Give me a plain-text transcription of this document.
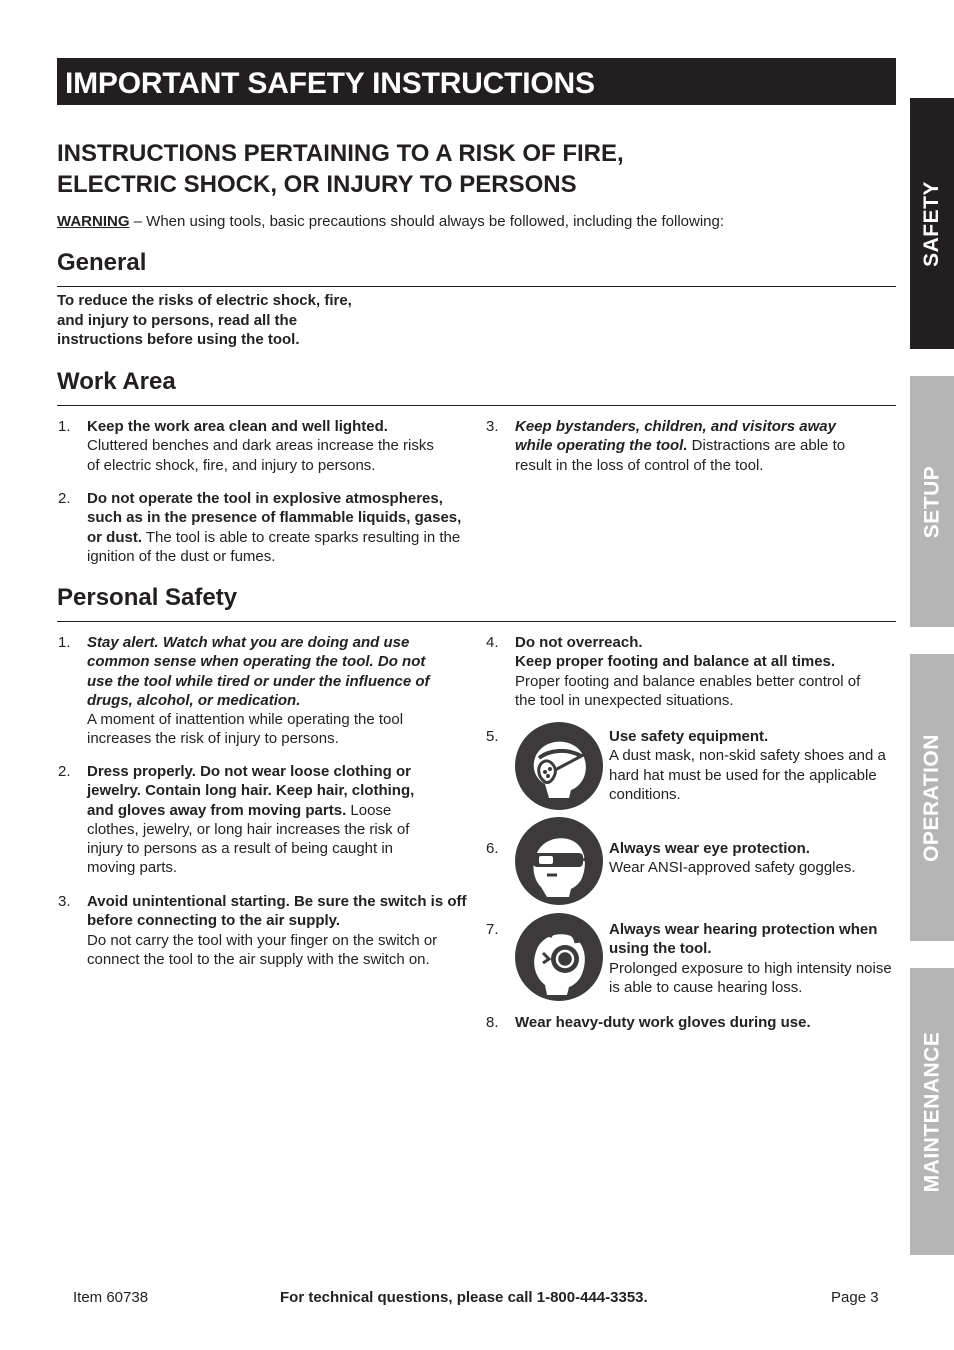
IMPORTANT SAFETY INSTRUCTIONS
INSTRUCTIONS PERTAINING TO A RISK OF FIRE,
ELECTRIC SHOCK, OR INJURY TO PERSONS
WARNING – When using tools, basic precautions should always be followed, including the following:
General
To reduce the risks of electric shock, fire, and injury to persons, read all the instructions before using the tool.
Work Area
1. Keep the work area clean and well lighted.
Cluttered benches and dark areas increase the risks of electric shock, fire, and injury to persons.
2. Do not operate the tool in explosive atmospheres, such as in the presence of flammable liquids, gases, or dust. The tool is able to create sparks resulting in the ignition of the dust or fumes.
3. Keep bystanders, children, and visitors away while operating the tool. Distractions are able to result in the loss of control of the tool.
Personal Safety
1. Stay alert. Watch what you are doing and use common sense when operating the tool. Do not use the tool while tired or under the influence of drugs, alcohol, or medication.
A moment of inattention while operating the tool increases the risk of injury to persons.
2. Dress properly. Do not wear loose clothing or jewelry. Contain long hair. Keep hair, clothing, and gloves away from moving parts. Loose clothes, jewelry, or long hair increases the risk of injury to persons as a result of being caught in moving parts.
3. Avoid unintentional starting. Be sure the switch is off before connecting to the air supply.
Do not carry the tool with your finger on the switch or connect the tool to the air supply with the switch on.
4. Do not overreach.
Keep proper footing and balance at all times.
Proper footing and balance enables better control of the tool in unexpected situations.
5.	Use safety equipment.
A dust mask, non-skid safety shoes and a hard hat must be used for the applicable conditions.
6.	Always wear eye protection.
Wear ANSI-approved safety goggles.
7.	Always wear hearing protection when using the tool.
Prolonged exposure to high intensity noise is able to cause hearing loss.
8. Wear heavy-duty work gloves during use.
SAFETY
SETUP
OPERATION
MAINTENANCE
Item 60738	For technical questions, please call 1-800-444-3353.	Page 3
